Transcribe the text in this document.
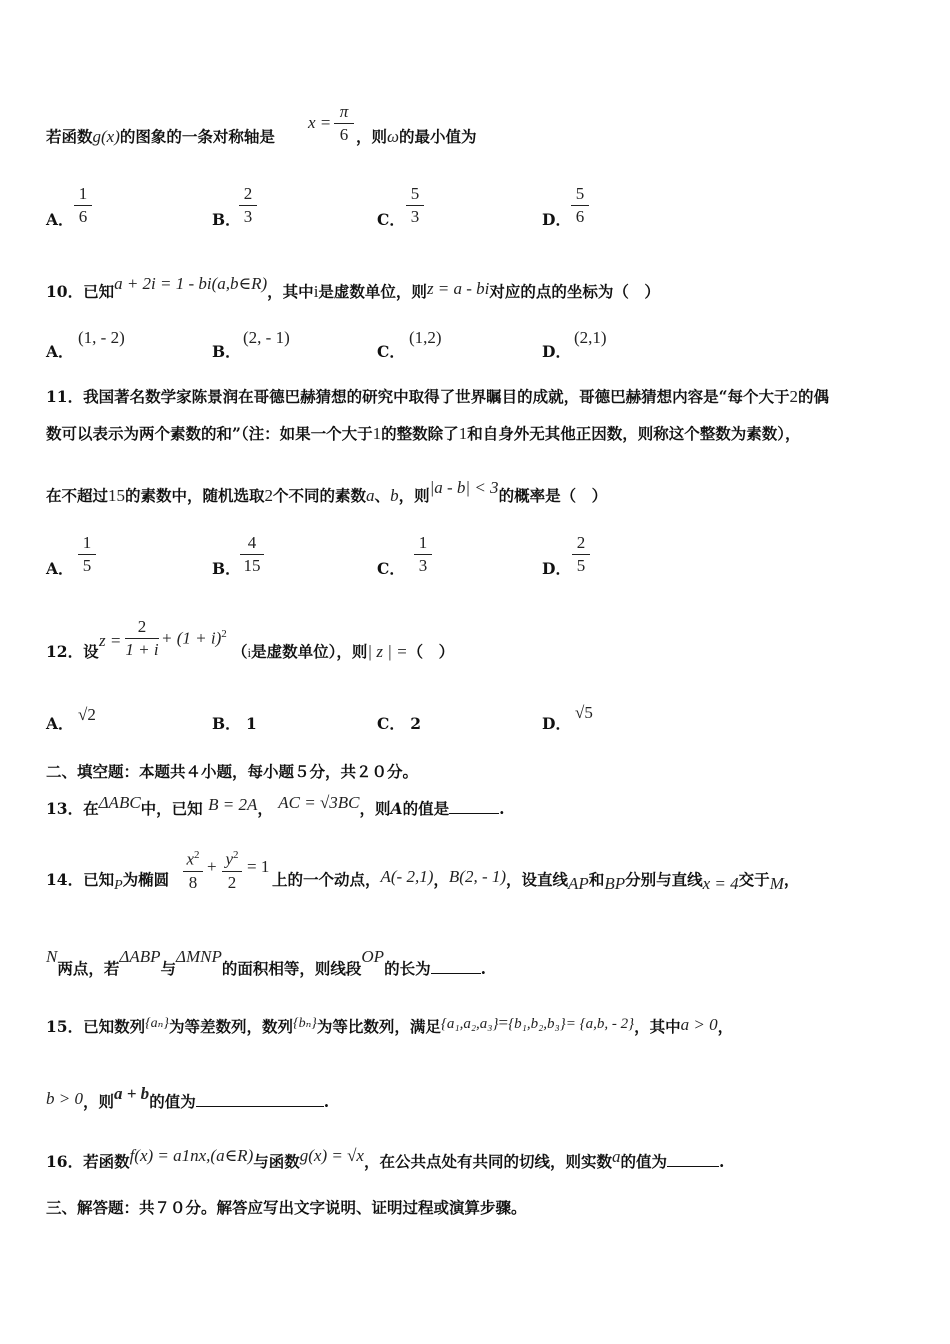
若函数g(x)的图象的一条对称轴是
x =
π
6 ，则ω的最小值为
A．
1
6	B．
2
3	C．
5
3	D．
5
6
10．已知a + 2i = 1 - bi(a,b∈R)，其中i是虚数单位，则z = a - bi对应的点的坐标为（　）
A．
(1, - 2)
B．
(2, - 1)
C．
(1,2)
D．
(2,1)
11．我国著名数学家陈景润在哥德巴赫猜想的研究中取得了世界瞩目的成就，哥德巴赫猜想内容是“每个大于2的偶
数可以表示为两个素数的和”（注：如果一个大于1的整数除了1和自身外无其他正因数，则称这个整数为素数），
在不超过15的素数中，随机选取2个不同的素数a、b，则|a - b| < 3的概率是（　）
A．
1
5	B．
4
15	C．
1
3	D．
2
5
12．设
z =
2
1 + i
+ $(1 + i)^2$
（i是虚数单位），则| z | =（　）
A． √2	B． 1	C． 2	D．
√5
二、填空题：本题共４小题，每小题５分，共２０分。
13．在ΔABC中，已知 B = 2A， AC = √3BC，则A的值是	.
14．已知P为椭圆
$x^2$
8
+ $y^2$
2
= 1
上的一个动点，A(- 2,1)，B(2, - 1)，设直线AP和BP分别与直线x = 4交于M，
N两点，若ΔABP与ΔMNP的面积相等，则线段OP的长为	.
15．已知数列{aₙ}为等差数列，数列{bₙ}为等比数列，满足{a₁,a₂,a₃}={b₁,b₂,b₃}= {a,b, - 2}，其中a > 0，
b > 0，则a + b的值为	.
16．若函数f(x) = a1nx,(a∈R)与函数g(x) = √x，在公共点处有共同的切线，则实数a的值为	.
三、解答题：共７０分。解答应写出文字说明、证明过程或演算步骤。
